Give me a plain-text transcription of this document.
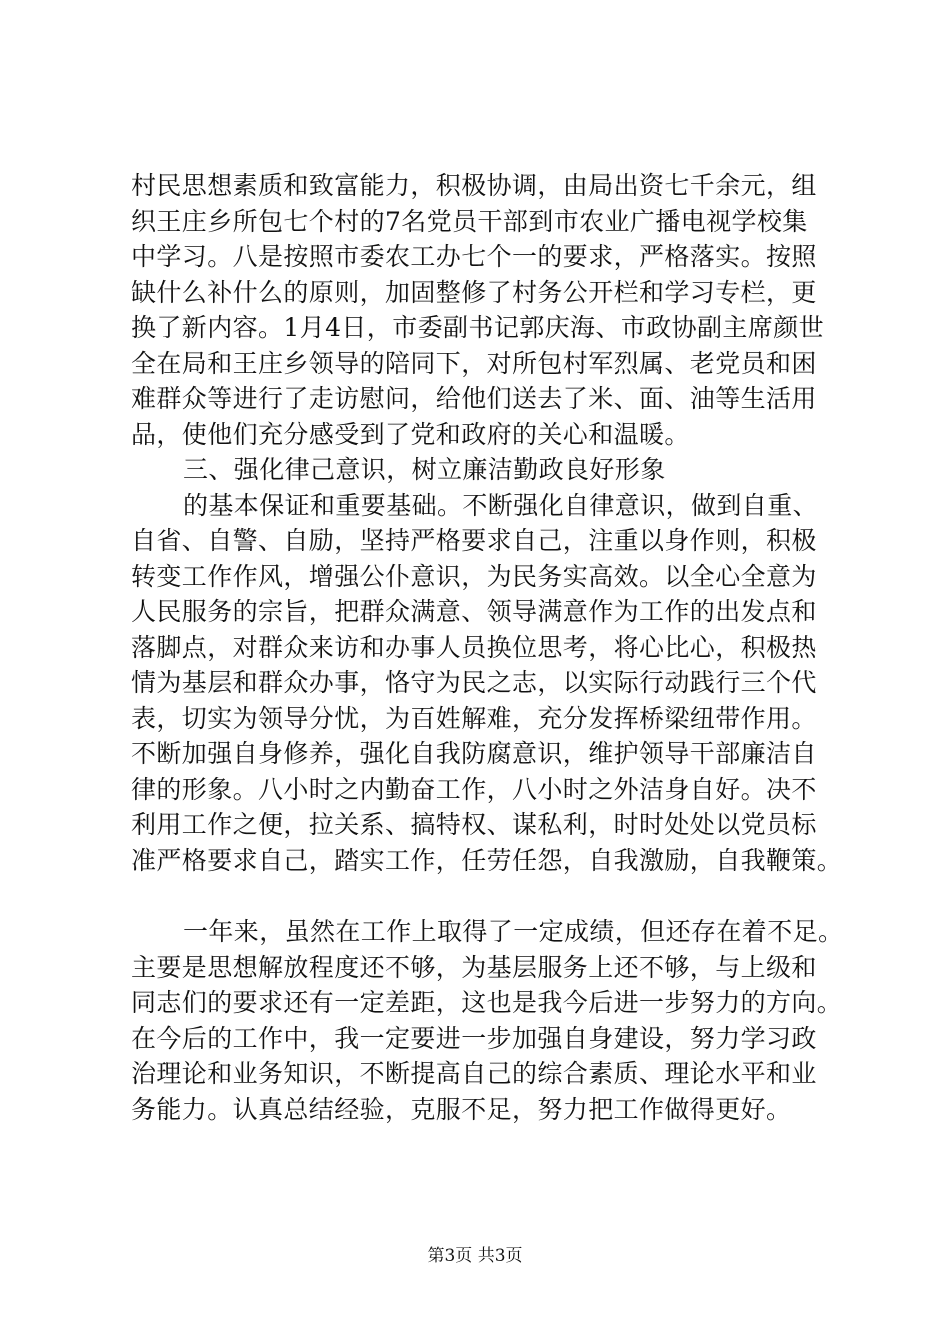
村民思想素质和致富能力，积极协调，由局出资七千余元，组
织王庄乡所包七个村的7名党员干部到市农业广播电视学校集
中学习。八是按照市委农工办七个一的要求，严格落实。按照
缺什么补什么的原则，加固整修了村务公开栏和学习专栏，更
换了新内容。1月4日，市委副书记郭庆海、市政协副主席颜世
全在局和王庄乡领导的陪同下，对所包村军烈属、老党员和困
难群众等进行了走访慰问，给他们送去了米、面、油等生活用
品，使他们充分感受到了党和政府的关心和温暖。
三、强化律己意识，树立廉洁勤政良好形象
的基本保证和重要基础。不断强化自律意识，做到自重、
自省、自警、自励，坚持严格要求自己，注重以身作则，积极
转变工作作风，增强公仆意识，为民务实高效。以全心全意为
人民服务的宗旨，把群众满意、领导满意作为工作的出发点和
落脚点，对群众来访和办事人员换位思考，将心比心，积极热
情为基层和群众办事，恪守为民之志，以实际行动践行三个代
表，切实为领导分忧，为百姓解难，充分发挥桥梁纽带作用。
不断加强自身修养，强化自我防腐意识，维护领导干部廉洁自
律的形象。八小时之内勤奋工作，八小时之外洁身自好。决不
利用工作之便，拉关系、搞特权、谋私利，时时处处以党员标
准严格要求自己，踏实工作，任劳任怨，自我激励，自我鞭策。
一年来，虽然在工作上取得了一定成绩，但还存在着不足。
主要是思想解放程度还不够，为基层服务上还不够，与上级和
同志们的要求还有一定差距，这也是我今后进一步努力的方向。
在今后的工作中，我一定要进一步加强自身建设，努力学习政
治理论和业务知识，不断提高自己的综合素质、理论水平和业
务能力。认真总结经验，克服不足，努力把工作做得更好。
第3页 共3页
